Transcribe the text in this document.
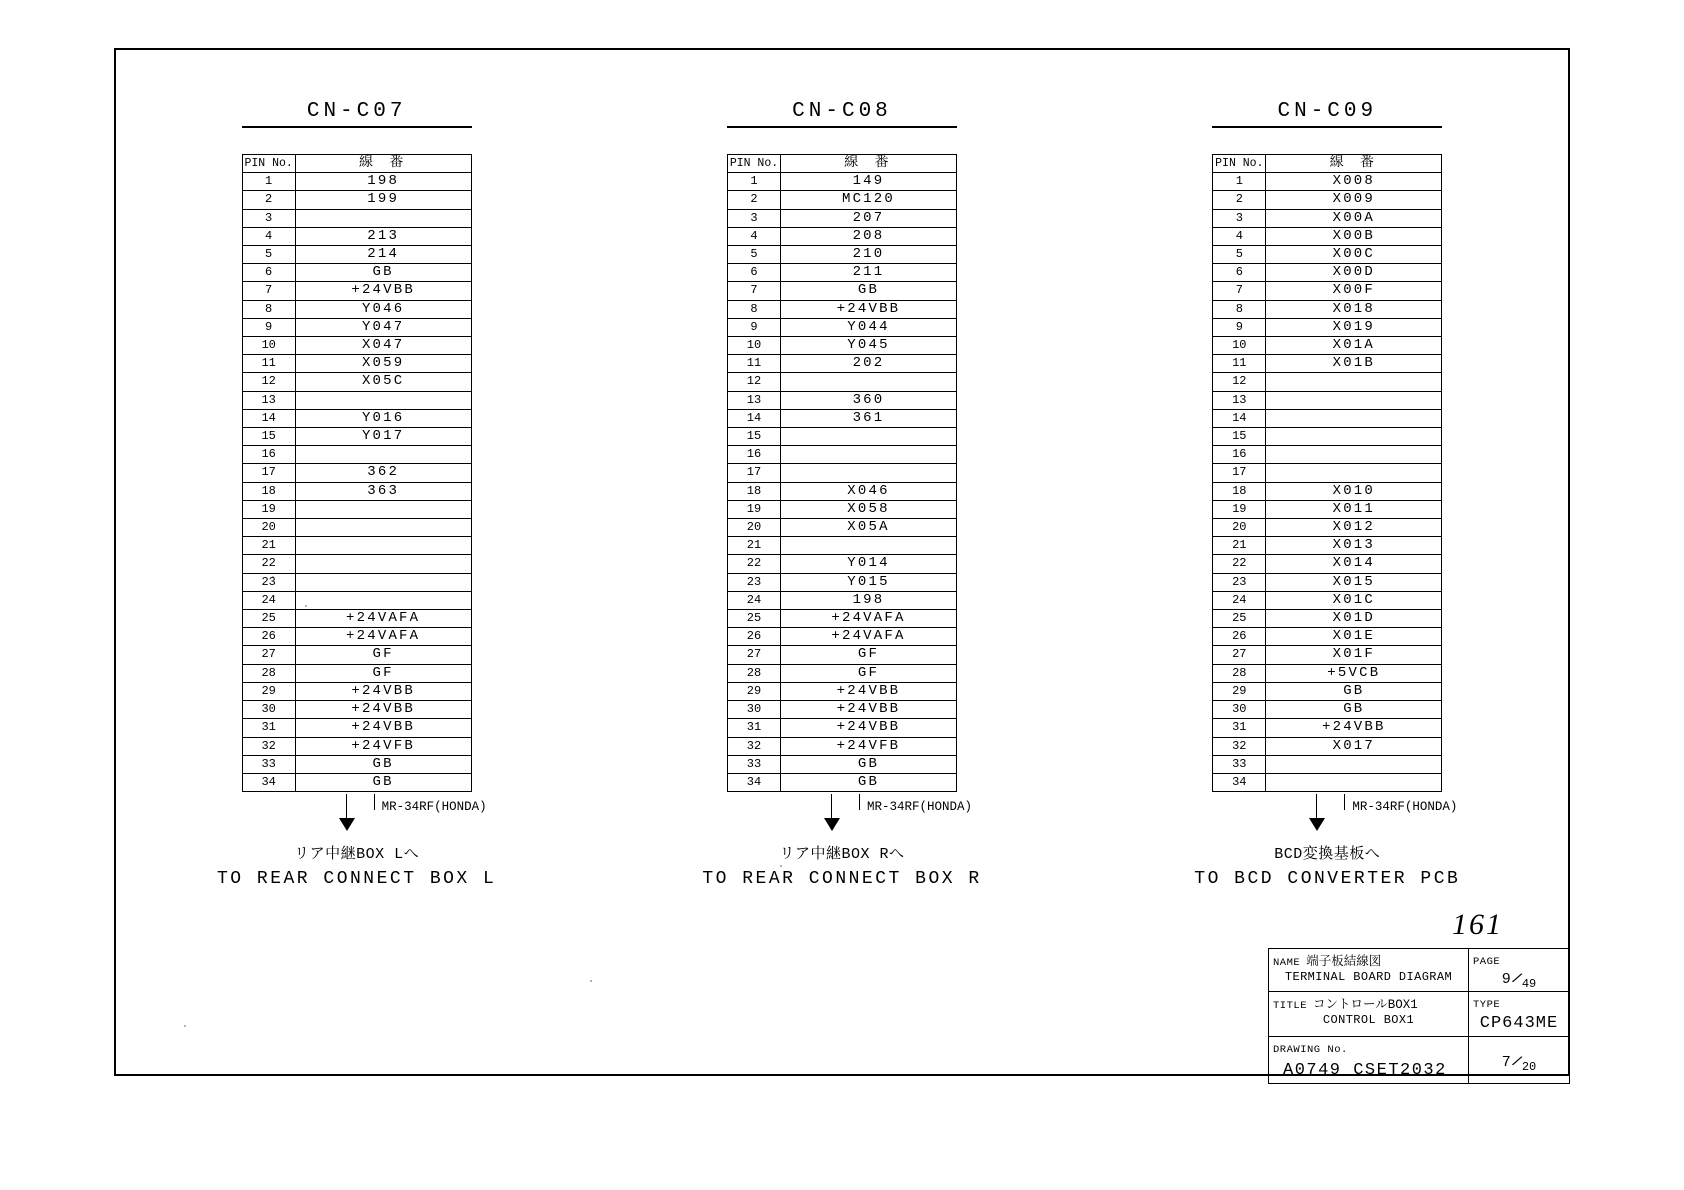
CN-C07
PIN No.	線 番
1	198
2	199
3	
4	213
5	214
6	GB
7	+24VBB
8	Y046
9	Y047
10	X047
11	X059
12	X05C
13	
14	Y016
15	Y017
16	
17	362
18	363
19	
20	
21	
22	
23	
24	
25	+24VAFA
26	+24VAFA
27	GF
28	GF
29	+24VBB
30	+24VBB
31	+24VBB
32	+24VFB
33	GB
34	GB
MR-34RF(HONDA)
リア中継BOX Lへ
TO REAR CONNECT BOX L
CN-C08
PIN No.	線 番
1	149
2	MC120
3	207
4	208
5	210
6	211
7	GB
8	+24VBB
9	Y044
10	Y045
11	202
12	
13	360
14	361
15	
16	
17	
18	X046
19	X058
20	X05A
21	
22	Y014
23	Y015
24	198
25	+24VAFA
26	+24VAFA
27	GF
28	GF
29	+24VBB
30	+24VBB
31	+24VBB
32	+24VFB
33	GB
34	GB
MR-34RF(HONDA)
リア中継BOX Rへ
TO REAR CONNECT BOX R
CN-C09
PIN No.	線 番
1	X008
2	X009
3	X00A
4	X00B
5	X00C
6	X00D
7	X00F
8	X018
9	X019
10	X01A
11	X01B
12	
13	
14	
15	
16	
17	
18	X010
19	X011
20	X012
21	X013
22	X014
23	X015
24	X01C
25	X01D
26	X01E
27	X01F
28	+5VCB
29	GB
30	GB
31	+24VBB
32	X017
33	
34	
MR-34RF(HONDA)
BCD変換基板へ
TO BCD CONVERTER PCB
161
NAME 端子板結線図
TERMINAL BOARD DIAGRAM
PAGE
$9/_{49}$
TITLE コントロールBOX1
CONTROL BOX1
TYPE
CP643ME
DRAWING No.
A0749 CSET2032	$7/_{20}$
